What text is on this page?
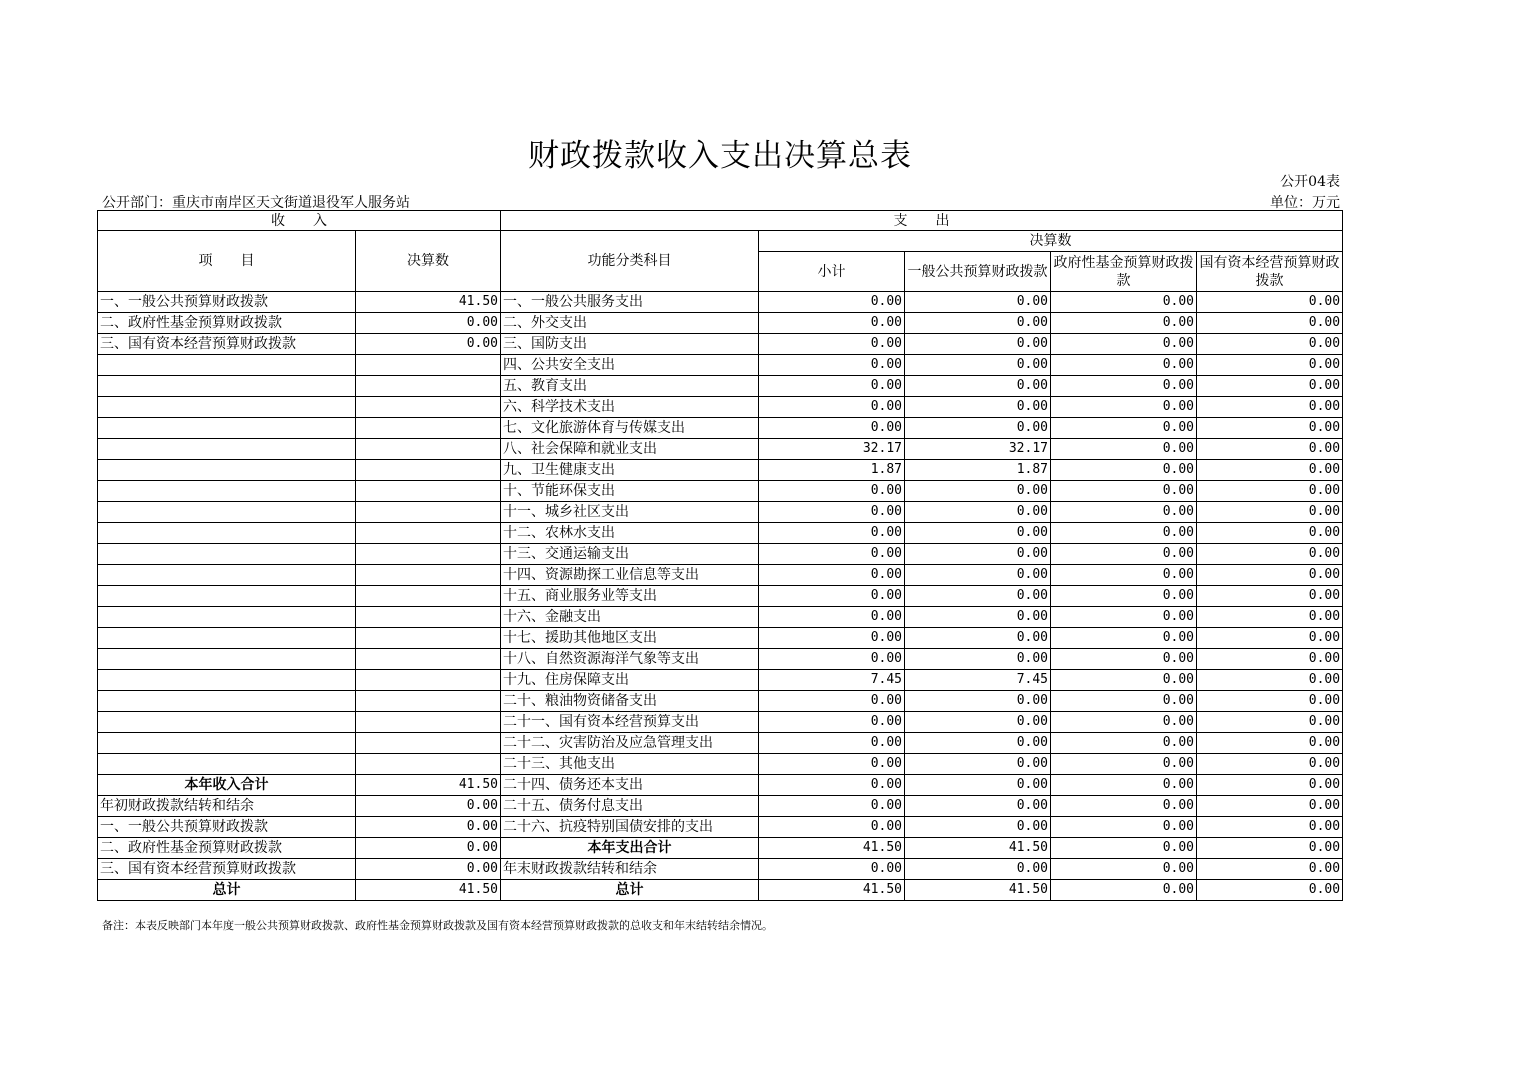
财政拨款收入支出决算总表
公开04表
公开部门：重庆市南岸区天文街道退役军人服务站	单位：万元
收　　入		支　　出				
项　　目	决算数	功能分类科目	决算数			
			小计	一般公共预算财政拨款	政府性基金预算财政拨款	国有资本经营预算财政拨款
一、一般公共预算财政拨款	41.50	一、一般公共服务支出	0.00	0.00	0.00	0.00
二、政府性基金预算财政拨款	0.00	二、外交支出	0.00	0.00	0.00	0.00
三、国有资本经营预算财政拨款	0.00	三、国防支出	0.00	0.00	0.00	0.00
		四、公共安全支出	0.00	0.00	0.00	0.00
		五、教育支出	0.00	0.00	0.00	0.00
		六、科学技术支出	0.00	0.00	0.00	0.00
		七、文化旅游体育与传媒支出	0.00	0.00	0.00	0.00
		八、社会保障和就业支出	32.17	32.17	0.00	0.00
		九、卫生健康支出	1.87	1.87	0.00	0.00
		十、节能环保支出	0.00	0.00	0.00	0.00
		十一、城乡社区支出	0.00	0.00	0.00	0.00
		十二、农林水支出	0.00	0.00	0.00	0.00
		十三、交通运输支出	0.00	0.00	0.00	0.00
		十四、资源勘探工业信息等支出	0.00	0.00	0.00	0.00
		十五、商业服务业等支出	0.00	0.00	0.00	0.00
		十六、金融支出	0.00	0.00	0.00	0.00
		十七、援助其他地区支出	0.00	0.00	0.00	0.00
		十八、自然资源海洋气象等支出	0.00	0.00	0.00	0.00
		十九、住房保障支出	7.45	7.45	0.00	0.00
		二十、粮油物资储备支出	0.00	0.00	0.00	0.00
		二十一、国有资本经营预算支出	0.00	0.00	0.00	0.00
		二十二、灾害防治及应急管理支出	0.00	0.00	0.00	0.00
		二十三、其他支出	0.00	0.00	0.00	0.00
本年收入合计	41.50	二十四、债务还本支出	0.00	0.00	0.00	0.00
年初财政拨款结转和结余	0.00	二十五、债务付息支出	0.00	0.00	0.00	0.00
一、一般公共预算财政拨款	0.00	二十六、抗疫特别国债安排的支出	0.00	0.00	0.00	0.00
二、政府性基金预算财政拨款	0.00	本年支出合计	41.50	41.50	0.00	0.00
三、国有资本经营预算财政拨款	0.00	年末财政拨款结转和结余	0.00	0.00	0.00	0.00
总计	41.50	总计	41.50	41.50	0.00	0.00
备注：本表反映部门本年度一般公共预算财政拨款、政府性基金预算财政拨款及国有资本经营预算财政拨款的总收支和年末结转结余情况。
